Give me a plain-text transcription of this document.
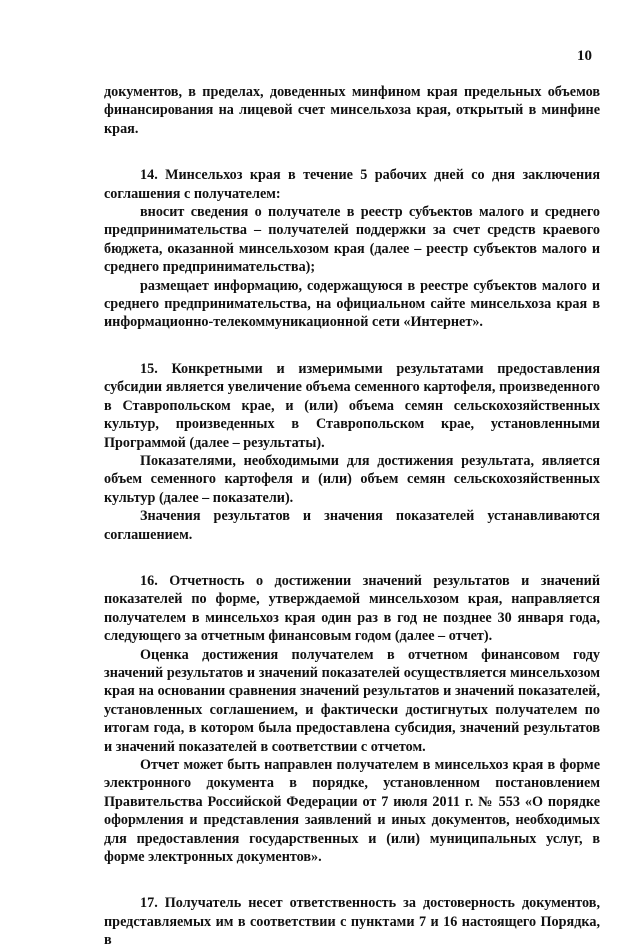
10

документов, в пределах, доведенных минфином края предельных объемов финансирования на лицевой счет минсельхоза края, открытый в минфине края.

14. Минсельхоз края в течение 5 рабочих дней со дня заключения соглашения с получателем:

вносит сведения о получателе в реестр субъектов малого и среднего предпринимательства – получателей поддержки за счет средств краевого бюджета, оказанной минсельхозом края (далее – реестр субъектов малого и среднего предпринимательства);

размещает информацию, содержащуюся в реестре субъектов малого и среднего предпринимательства, на официальном сайте минсельхоза края в информационно-телекоммуникационной сети «Интернет».

15. Конкретными и измеримыми результатами предоставления субсидии является увеличение объема семенного картофеля, произведенного в Ставропольском крае, и (или) объема семян сельскохозяйственных культур, произведенных в Ставропольском крае, установленными Программой (далее – результаты).

Показателями, необходимыми для достижения результата, является объем семенного картофеля и (или) объем семян сельскохозяйственных культур (далее – показатели).

Значения результатов и значения показателей устанавливаются соглашением.

16. Отчетность о достижении значений результатов и значений показателей по форме, утверждаемой минсельхозом края, направляется получателем в минсельхоз края один раз в год не позднее 30 января года, следующего за отчетным финансовым годом (далее – отчет).

Оценка достижения получателем в отчетном финансовом году значений результатов и значений показателей осуществляется минсельхозом края на основании сравнения значений результатов и значений показателей, установленных соглашением, и фактически достигнутых получателем по итогам года, в котором была предоставлена субсидия, значений результатов и значений показателей в соответствии с отчетом.

Отчет может быть направлен получателем в минсельхоз края в форме электронного документа в порядке, установленном постановлением Правительства Российской Федерации от 7 июля 2011 г. № 553 «О порядке оформления и представления заявлений и иных документов, необходимых для предоставления государственных и (или) муниципальных услуг, в форме электронных документов».

17. Получатель несет ответственность за достоверность документов, представляемых им в соответствии с пунктами 7 и 16 настоящего Порядка, в
